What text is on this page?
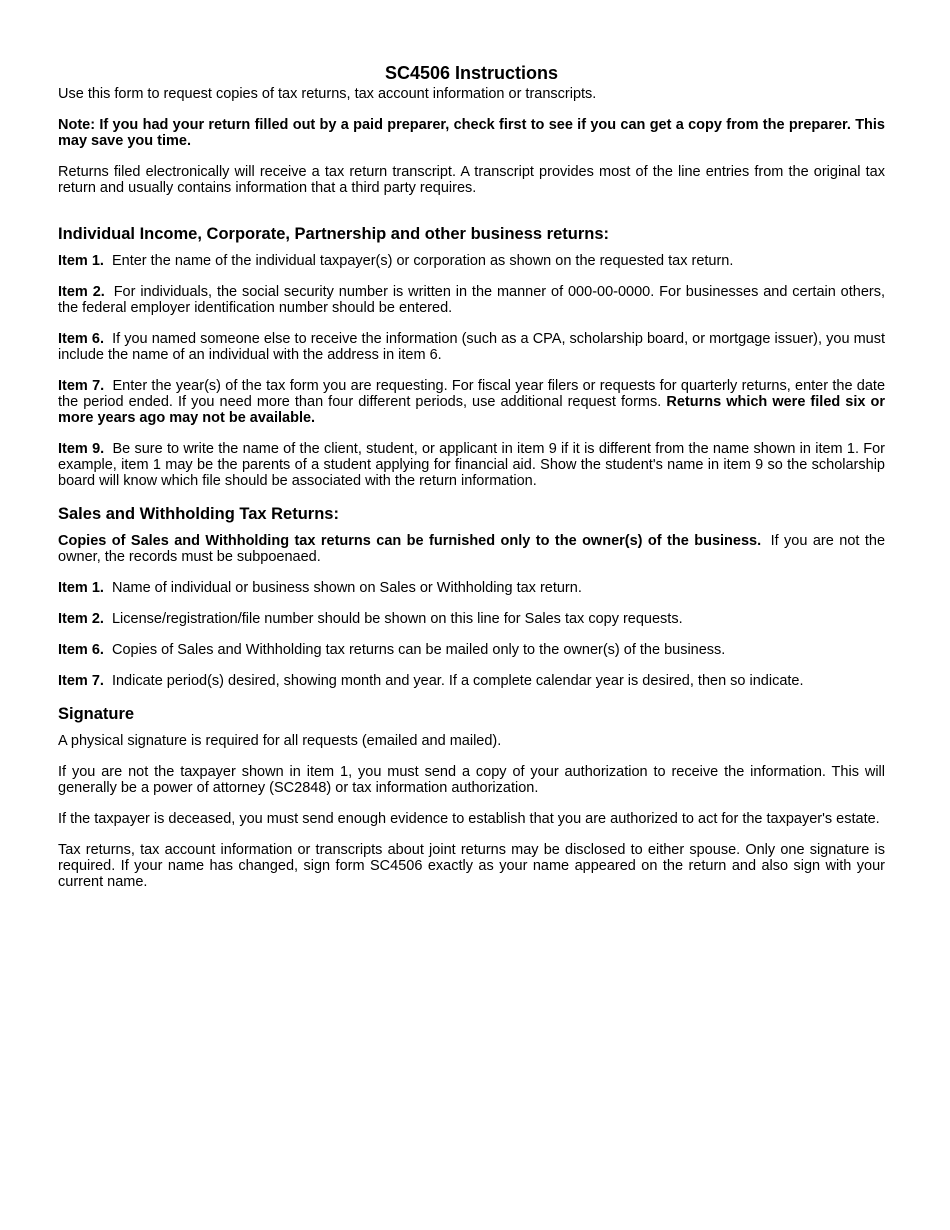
SC4506 Instructions

Use this form to request copies of tax returns, tax account information or transcripts.

Note: If you had your return filled out by a paid preparer, check first to see if you can get a copy from the preparer. This may save you time.

Returns filed electronically will receive a tax return transcript. A transcript provides most of the line entries from the original tax return and usually contains information that a third party requires.

Individual Income, Corporate, Partnership and other business returns:

Item 1. Enter the name of the individual taxpayer(s) or corporation as shown on the requested tax return.

Item 2. For individuals, the social security number is written in the manner of 000-00-0000. For businesses and certain others, the federal employer identification number should be entered.

Item 6. If you named someone else to receive the information (such as a CPA, scholarship board, or mortgage issuer), you must include the name of an individual with the address in item 6.

Item 7. Enter the year(s) of the tax form you are requesting. For fiscal year filers or requests for quarterly returns, enter the date the period ended. If you need more than four different periods, use additional request forms. Returns which were filed six or more years ago may not be available.

Item 9. Be sure to write the name of the client, student, or applicant in item 9 if it is different from the name shown in item 1. For example, item 1 may be the parents of a student applying for financial aid. Show the student's name in item 9 so the scholarship board will know which file should be associated with the return information.

Sales and Withholding Tax Returns:

Copies of Sales and Withholding tax returns can be furnished only to the owner(s) of the business. If you are not the owner, the records must be subpoenaed.

Item 1. Name of individual or business shown on Sales or Withholding tax return.

Item 2. License/registration/file number should be shown on this line for Sales tax copy requests.

Item 6. Copies of Sales and Withholding tax returns can be mailed only to the owner(s) of the business.

Item 7. Indicate period(s) desired, showing month and year. If a complete calendar year is desired, then so indicate.

Signature

A physical signature is required for all requests (emailed and mailed).

If you are not the taxpayer shown in item 1, you must send a copy of your authorization to receive the information. This will generally be a power of attorney (SC2848) or tax information authorization.

If the taxpayer is deceased, you must send enough evidence to establish that you are authorized to act for the taxpayer's estate.

Tax returns, tax account information or transcripts about joint returns may be disclosed to either spouse. Only one signature is required. If your name has changed, sign form SC4506 exactly as your name appeared on the return and also sign with your current name.
